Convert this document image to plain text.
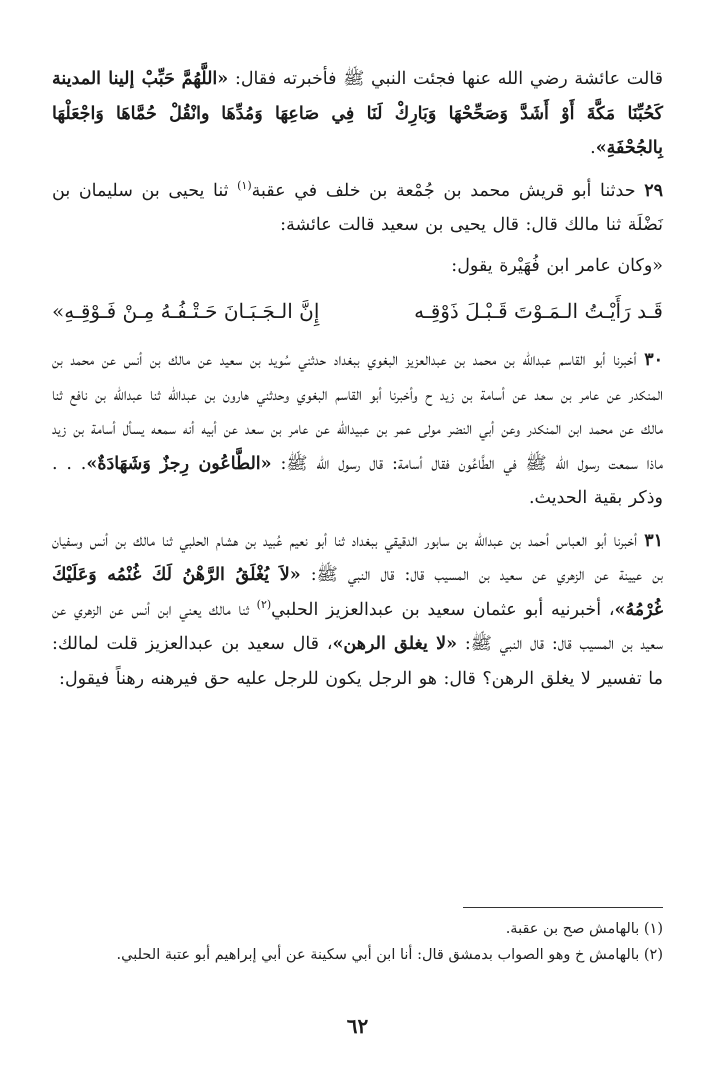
قالت عائشة رضي الله عنها فجئت النبي ﷺ فأخبرته فقال: «اللَّهُمَّ حَبِّبْ إلينا المدينة كَحُبِّنَا مَكَّةَ أَوْ أَشَدَّ وَصَحِّحْهَا وَبَارِكْ لَنَا فِي صَاعِهَا وَمُدِّهَا وانْقُلْ حُمَّاهَا وَاجْعَلْهَا بِالجُحْفَةِ».

٢٩ حدثنا أبو قريش محمد بن جُمْعة بن خلف في عقبة$^{(١)}$ ثنا يحيى بن سليمان بن نَضْلَة ثنا مالك قال: قال يحيى بن سعيد قالت عائشة:

«وكان عامر ابن فُهَيْرة يقول:

قَـد رَأَيْـتُ الـمَـوْتَ قَـبْـلَ ذَوْقِـه
إِنَّ الـجَـبَـانَ حَـتْـفُـهُ مِـنْ فَـوْقِـهِ»

٣٠ أخبرنا أبو القاسم عبدالله بن محمد بن عبدالعزيز البغوي ببغداد حدثني سُويد بن سعيد عن مالك بن أنس عن محمد بن المنكدر عن عامر بن سعد عن أسامة بن زيد ح وأخبرنا أبو القاسم البغوي وحدثني هارون بن عبدالله ثنا عبدالله بن نافع ثنا مالك عن محمد ابن المنكدر وعن أبي النضر مولى عمر بن عبيدالله عن عامر بن سعد عن أبيه أنه سمعه يسأل أسامة بن زيد ماذا سمعت رسول الله ﷺ في الطَّاعُون فقال أسامة: قال رسول الله ﷺ: «الطَّاعُون رِجزٌ وَشَهَادَةٌ». . . وذكر بقية الحديث.

٣١ أخبرنا أبو العباس أحمد بن عبدالله بن سابور الدقيقي ببغداد ثنا أبو نعيم عُبيد بن هشام الحلبي ثنا مالك بن أنس وسفيان بن عيينة عن الزهري عن سعيد بن المسيب قال: قال النبي ﷺ: «لاَ يُغْلَقُ الرَّهْنُ لَكَ غُنْمُه وَعَلَيْكَ غُرْمُهُ»، أخبرنيه أبو عثمان سعيد بن عبدالعزيز الحلبي$^{(٢)}$ ثنا مالك يعني ابن أنس عن الزهري عن سعيد بن المسيب قال: قال النبي ﷺ: «لا يغلق الرهن»، قال سعيد بن عبدالعزيز قلت لمالك: ما تفسير لا يغلق الرهن؟ قال: هو الرجل يكون للرجل عليه حق فيرهنه رهناً فيقول:

(١) بالهامش صح بن عقبة.

(٢) بالهامش خ وهو الصواب بدمشق قال: أنا ابن أبي سكينة عن أبي إبراهيم أبو عتبة الحلبي.

٦٢
